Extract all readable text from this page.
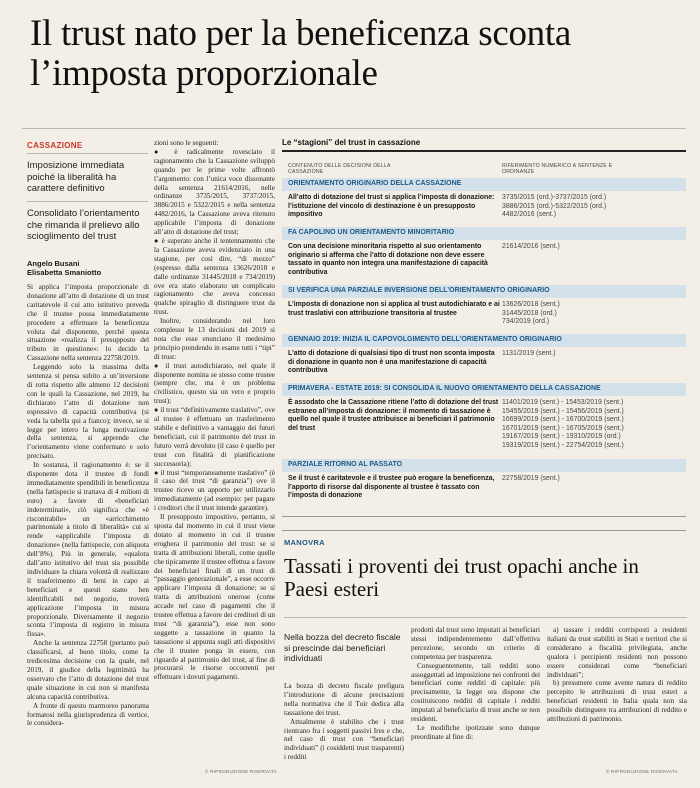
Il trust nato per la beneficenza sconta l’imposta proporzionale
CASSAZIONE
Imposizione immediata poiché la liberalità ha carattere definitivo
Consolidato l’orientamento che rimanda il prelievo allo scioglimento del trust
Angelo Busani
Elisabetta Smaniotto

Si applica l’imposta proporzionale di donazione all’atto di dotazione di un trust caritatevole il cui atto istitutivo preveda che il trustee possa immediatamente procedere a effettuare la beneficenza voluta dal disponente, perché questa situazione «realizza il presupposto del tributo in questione»: lo decide la Cassazione nella sentenza 22758/2019.

Leggendo solo la massima della sentenza si pensa subito a un’inversione di rotta rispetto alle almeno 12 decisioni con le quali la Cassazione, nel 2019, ha dichiarato l’atto di dotazione non espressivo di capacità contributiva (si veda la tabella qui a fianco); invece, se si legge per intero la lunga motivazione della sentenza, si apprende che l’orientamento viene confermato e solo precisato.

In sostanza, il ragionamento è: se il disponente dota il trustee di fondi immediatamente spendibili in beneficenza (nella fattispecie si trattava di 4 milioni di euro) a favore di «beneficiari indeterminati», ciò significa che «è riscontrabile» un «arricchimento patrimoniale a titolo di liberalità» cui si rende «applicabile l’imposta di donazione» (nella fattispecie, con aliquota dell’8%). Più in generale, «qualora dall’atto istitutivo del trust sia possibile individuare la chiara volontà di realizzare il trasferimento di beni in capo ai beneficiari e questi siano ben identificabili nel negozio, troverà applicazione l’imposta in misura proporzionale. Diversamente il negozio sconta l’imposta di registro in misura fissa».

Anche la sentenza 22758 (pertanto può classificarsi, al buon titolo, come la tredicesima decisione con la quale, nel 2019, il giudice della legittimità ha osservato che l’atto di dotazione del trust quale situazione in cui non si manifesta alcuna capacità contributiva.

A fronte di questo marmoreo panorama formatosi nella giurisprudenza di vertice, le considera-

zioni sono le seguenti:

● è radicalmente rovesciato il ragionamento che la Cassazione sviluppò quando per le prime volte affrontò l’argomento: con l’unica voce dissonante della sentenza 21614/2016, nelle ordinanze 3735/2015, 3737/2015, 3886/2015 e 5322/2015 e nella sentenza 4482/2016, la Cassazione aveva ritenuto applicabile l’imposta di donazione all’atto di dotazione del trust;

● è superato anche il tentennamento che la Cassazione aveva evidenziato in una stagione, per così dire, “di mezzo” (espresso dalla sentenza 13626/2018 e dalle ordinanze 31445/2018 e 734/2019) ove era stato elaborato un complicato ragionamento che aveva concesso qualche spiraglio di distinguere trust da trust.

Inoltre, considerando nel loro complesso le 13 decisioni del 2019 si nota che esse enunciano il medesimo principio prendendo in esame tutti i “tipi” di trust:

● il trust autodichiarato, nel quale il disponente nomina se stesso come trustee (sempre che, ma è un problema civilistico, questo sia un vero e proprio trust);

● il trust “definitivamente traslativo”, ove al trustee è effettuato un trasferimento stabile e definitivo a vantaggio dei futuri beneficiari, cui il patrimonio del trust in futuro verrà devoluto (il caso è quello per trust con finalità di pianificazione successoria);

● il trust “temporaneamente traslativo” (è il caso del trust “di garanzia”) ove il trustee riceve un apporto per utilizzarlo immediatamente (ad esempio: per pagare i creditori che il trust intende garantire).

Il presupposto impositivo, pertanto, si sposta dal momento in cui il trust viene dotato al momento in cui il trustee eroghera il patrimonio del trust: se si tratta di attribuzioni liberali, come quelle che tipicamente il trustee effettua a favore dei beneficiari finali di un trust di “passaggio generazionale”, a esse occorre applicare l’imposta di donazione; se si tratta di attribuzioni onerose (come accade nel caso di pagamenti che il trustee effettua a favore dei creditori di un trust “di garanzia”), esse non sono soggette a tassazione in quanto la tassazione si appunta sugli atti dispositivi che il trustee ponga in essere, con riguardo al patrimonio del trust, al fine di procurarsi le risorse occorrenti per effettuare i dovuti pagamenti.

© RIPRODUZIONE RISERVATA
Le “stagioni” del trust in cassazione
CONTENUTO DELLE DECISIONI DELLA CASSAZIONE
RIFERIMENTO NUMERICO A SENTENZE E ORDINANZE
ORIENTAMENTO ORIGINARIO DELLA CASSAZIONE
All’atto di dotazione del trust si applica l’imposta di donazione: l’istituzione del vincolo di destinazione è un presupposto impositivo
3735/2015 (ord.)-3737/2015 (ord.)
3886/2015 (ord.)-5322/2015 (ord.)
4482/2016 (sent.)
FA CAPOLINO UN ORIENTAMENTO MINORITARIO
Con una decisione minoritaria rispetto al suo orientamento originario si afferma che l’atto di dotazione non deve essere tassato in quanto non integra una manifestazione di capacità contributiva
21614/2016 (sent.)
SI VERIFICA UNA PARZIALE INVERSIONE DELL’ORIENTAMENTO ORIGINARIO
L’imposta di donazione non si applica al trust autodichiarato e ai trust traslativi con attribuzione transitoria al trustee
13626/2018 (sent.)
31445/2018 (ord.)
734/2019 (ord.)
GENNAIO 2019: INIZIA IL CAPOVOLGIMENTO DELL’ORIENTAMENTO ORIGINARIO
L’atto di dotazione di qualsiasi tipo di trust non sconta imposta di donazione in quanto non è una manifestazione di capacità contributiva
1131/2019 (sent.)
PRIMAVERA - ESTATE 2019: SI CONSOLIDA IL NUOVO ORIENTAMENTO DELLA CASSAZIONE
È assodato che la Cassazione ritiene l’atto di dotazione del trust estraneo all’imposta di donazione: il momento di tassazione è quello nel quale il trustee attribuisce ai beneficiari il patrimonio del trust
11401/2019 (sent.) - 15453/2019 (sent.)
15455/2019 (sent.) - 15456/2019 (sent.)
16699/2019 (sent.) - 16700/2019 (sent.)
16701/2019 (sent.) - 16705/2019 (sent.)
19167/2019 (sent.) - 19310/2019 (ord.)
19319/2019 (sent.) - 22754/2019 (sent.)
PARZIALE RITORNO AL PASSATO
Se il trust è caritatevole e il trustee può erogare la beneficenza, l’apporto di risorse dal disponente al trustee è tassato con l’imposta di donazione
22758/2019 (sent.)
MANOVRA
Tassati i proventi dei trust opachi anche in Paesi esteri
Nella bozza del decreto fiscale si prescinde dai beneficiari individuati

La bozza di decreto fiscale prefigura l’introduzione di alcune precisazioni nella normativa che il Tuir dedica alla tassazione dei trust.

Attualmente è stabilito che i trust rientrano fra i soggetti passivi Ires e che, nel caso di trust con “beneficiari individuati” (i cosiddetti trust trasparenti) i redditi

prodotti dal trust sono imputati ai beneficiari stessi indipendentemente dall’effettiva percezione, secondo un criterio di competenza per trasparenza.

Conseguentemente, tali redditi sono assoggettati ad imposizione nei confronti dei beneficiari come redditi di capitale: più precisamente, la legge ora dispone che costituiscono redditi di capitale i redditi imputati al beneficiario di trust anche se non residenti.

Le modifiche ipotizzate sono dunque preordinate al fine di:

a) tassare i redditi corrisposti a residenti italiani da trust stabiliti in Stati e territori che si considerano a fiscalità privilegiata, anche qualora i percipienti residenti non possono essere considerati come “beneficiari individuati”;

b) presumere come avente natura di reddito percepito le attribuzioni di trust esteri a beneficiari residenti in Italia quala non sia possibile distinguere tra attribuzioni di reddito e attribuzioni di patrimonio.

© RIPRODUZIONE RISERVATA
